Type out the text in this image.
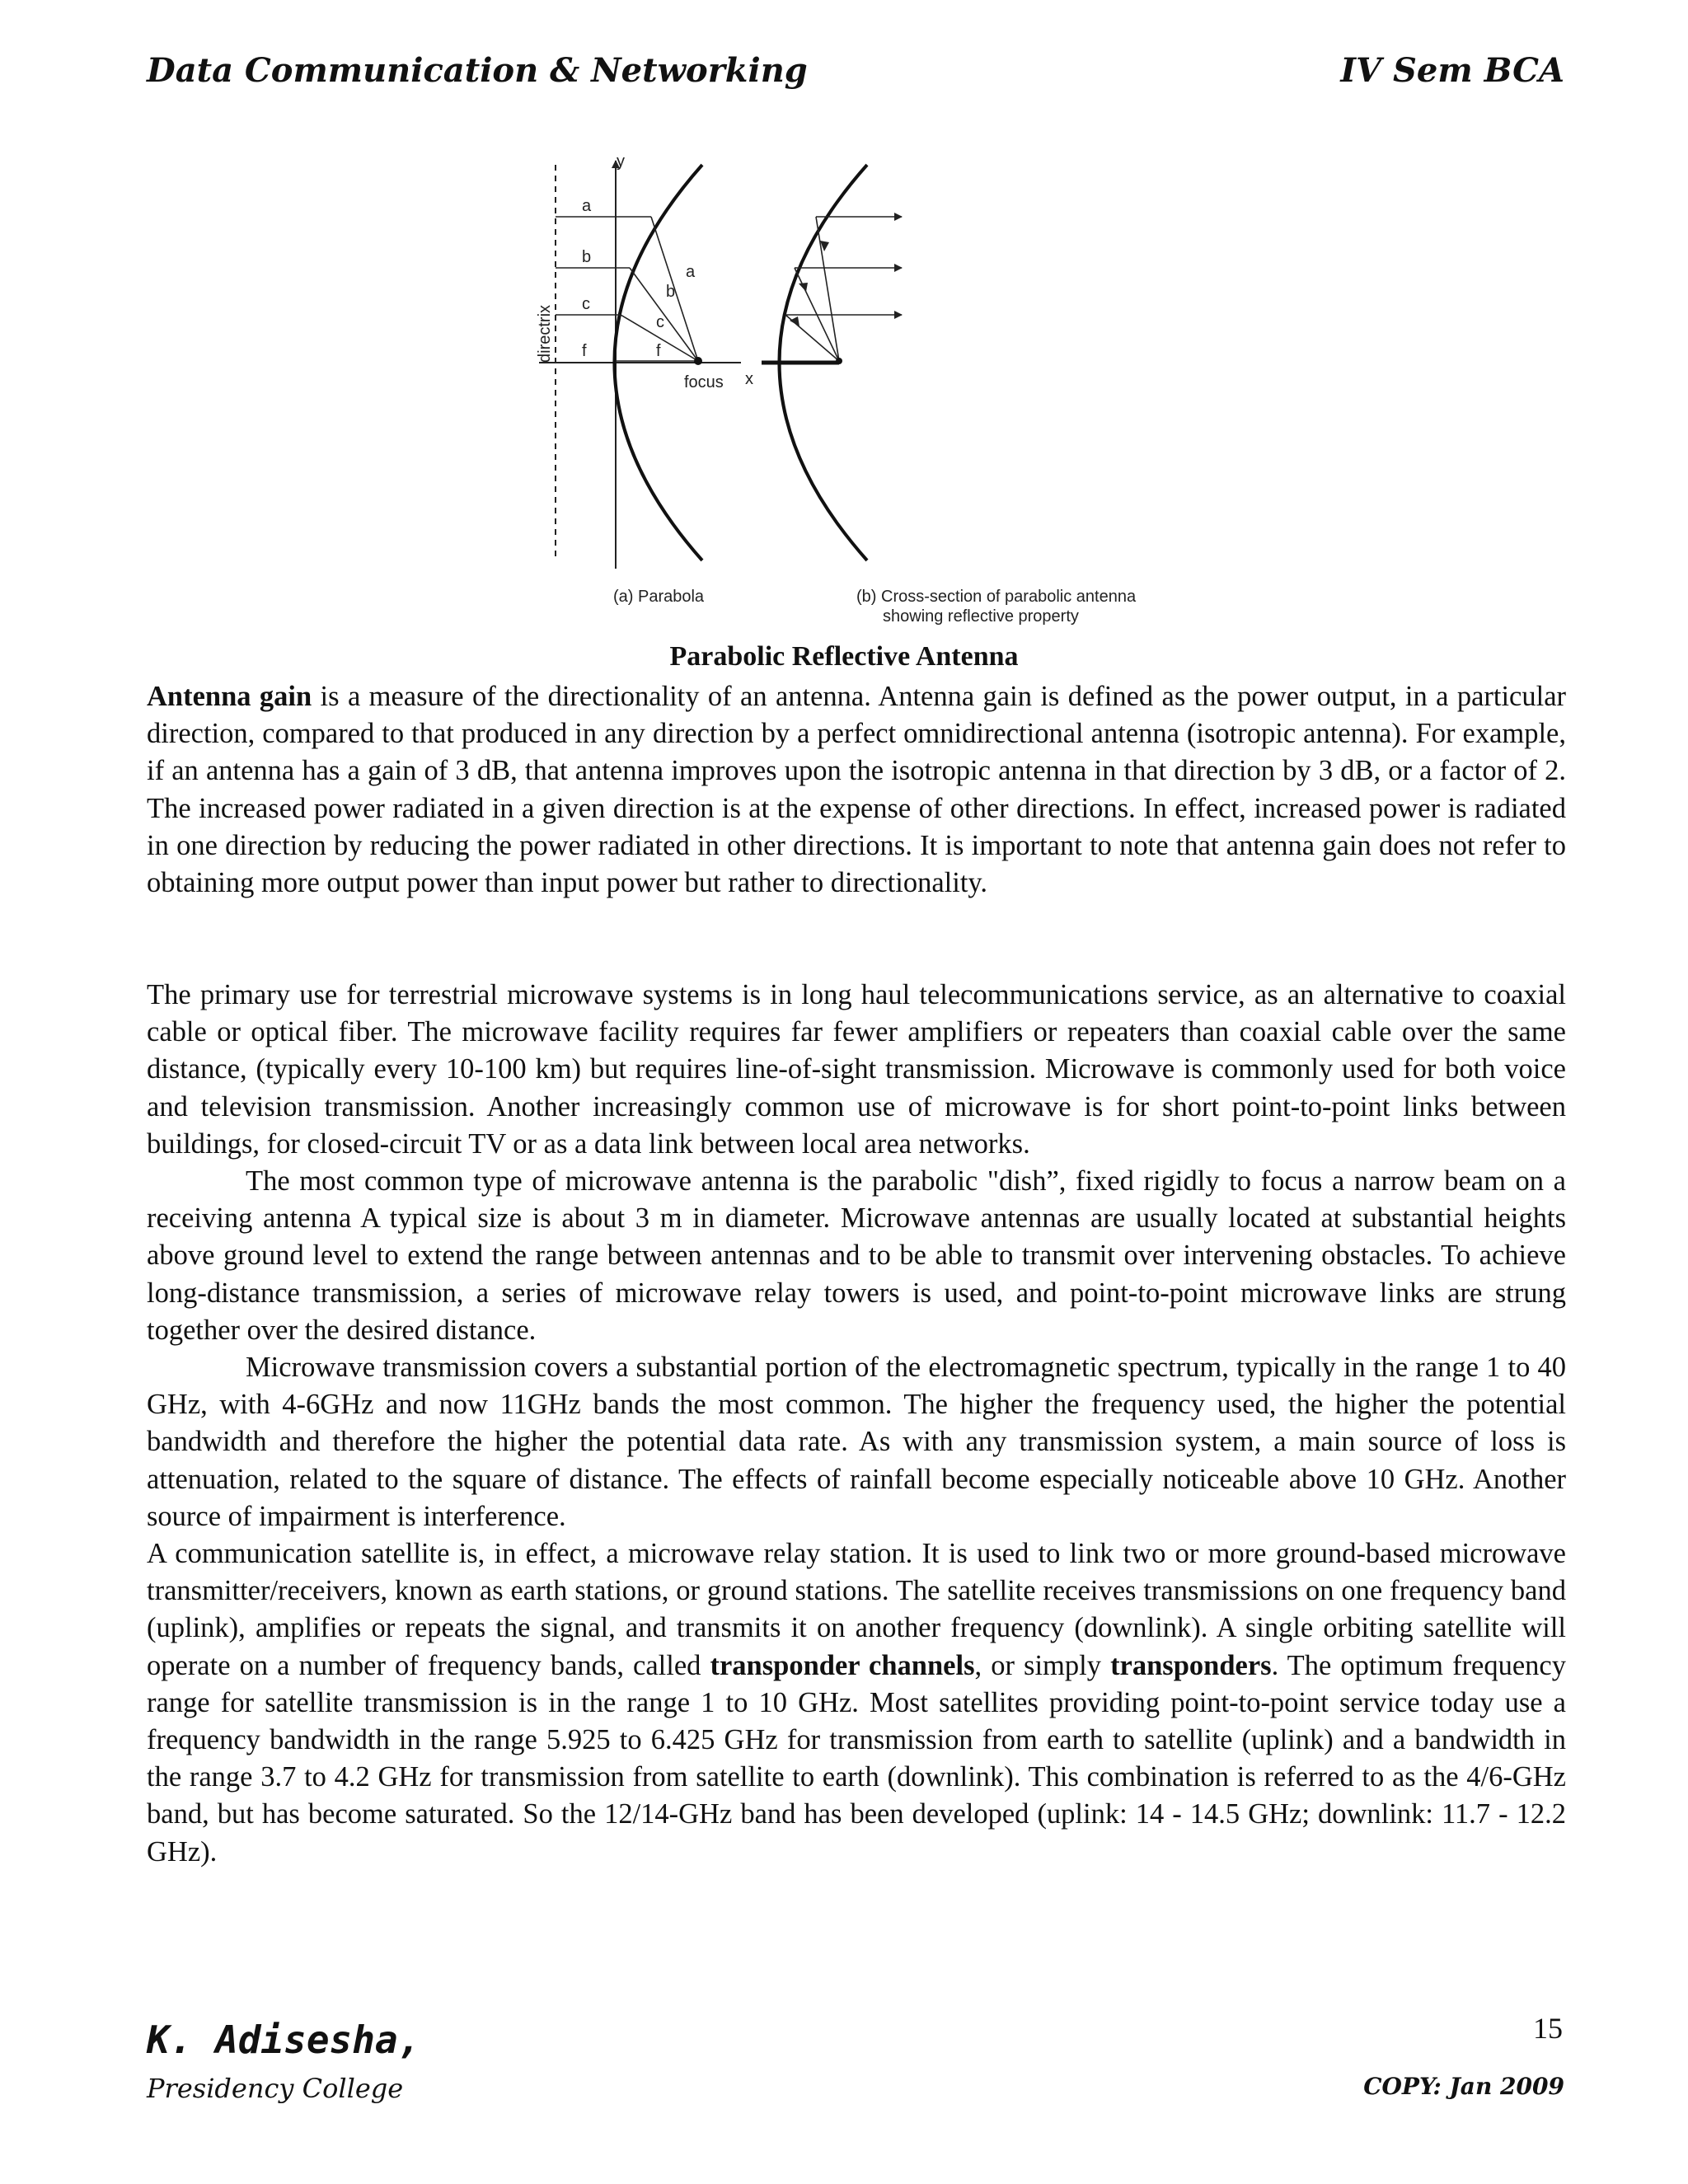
Data Communication & Networking	IV Sem BCA
y
x
directrix
a
b
c
f
a
b
c
f
focus
(a) Parabola	(b) Cross-section of parabolic antenna
showing reflective property
Parabolic Reflective Antenna

Antenna gain is a measure of the directionality of an antenna. Antenna gain is defined as the power output, in a particular direction, compared to that produced in any direction by a perfect omnidirectional antenna (isotropic antenna). For example, if an antenna has a gain of 3 dB, that antenna improves upon the isotropic antenna in that direction by 3 dB, or a factor of 2. The increased power radiated in a given direction is at the expense of other directions. In effect, increased power is radiated in one direction by reducing the power radiated in other directions. It is important to note that antenna gain does not refer to obtaining more output power than input power but rather to directionality.

The primary use for terrestrial microwave systems is in long haul telecommunications service, as an alternative to coaxial cable or optical fiber. The microwave facility requires far fewer amplifiers or repeaters than coaxial cable over the same distance, (typically every 10-100 km) but requires line-of-sight transmission. Microwave is commonly used for both voice and television transmission. Another increasingly common use of microwave is for short point-to-point links between buildings, for closed-circuit TV or as a data link between local area networks.

The most common type of microwave antenna is the parabolic "dish”, fixed rigidly to focus a narrow beam on a receiving antenna A typical size is about 3 m in diameter. Microwave antennas are usually located at substantial heights above ground level to extend the range between antennas and to be able to transmit over intervening obstacles. To achieve long-distance transmission, a series of microwave relay towers is used, and point-to-point microwave links are strung together over the desired distance.

Microwave transmission covers a substantial portion of the electromagnetic spectrum, typically in the range 1 to 40 GHz, with 4-6GHz and now 11GHz bands the most common. The higher the frequency used, the higher the potential bandwidth and therefore the higher the potential data rate. As with any transmission system, a main source of loss is attenuation, related to the square of distance. The effects of rainfall become especially noticeable above 10 GHz. Another source of impairment is interference.

A communication satellite is, in effect, a microwave relay station. It is used to link two or more ground-based microwave transmitter/receivers, known as earth stations, or ground stations. The satellite receives transmissions on one frequency band (uplink), amplifies or repeats the signal, and transmits it on another frequency (downlink). A single orbiting satellite will operate on a number of frequency bands, called transponder channels, or simply transponders. The optimum frequency range for satellite transmission is in the range 1 to 10 GHz. Most satellites providing point-to-point service today use a frequency bandwidth in the range 5.925 to 6.425 GHz for transmission from earth to satellite (uplink) and a bandwidth in the range 3.7 to 4.2 GHz for transmission from satellite to earth (downlink). This combination is referred to as the 4/6-GHz band, but has become saturated. So the 12/14-GHz band has been developed (uplink: 14 - 14.5 GHz; downlink: 11.7 - 12.2 GHz).

K. Adisesha,
Presidency College
15
COPY: Jan 2009
